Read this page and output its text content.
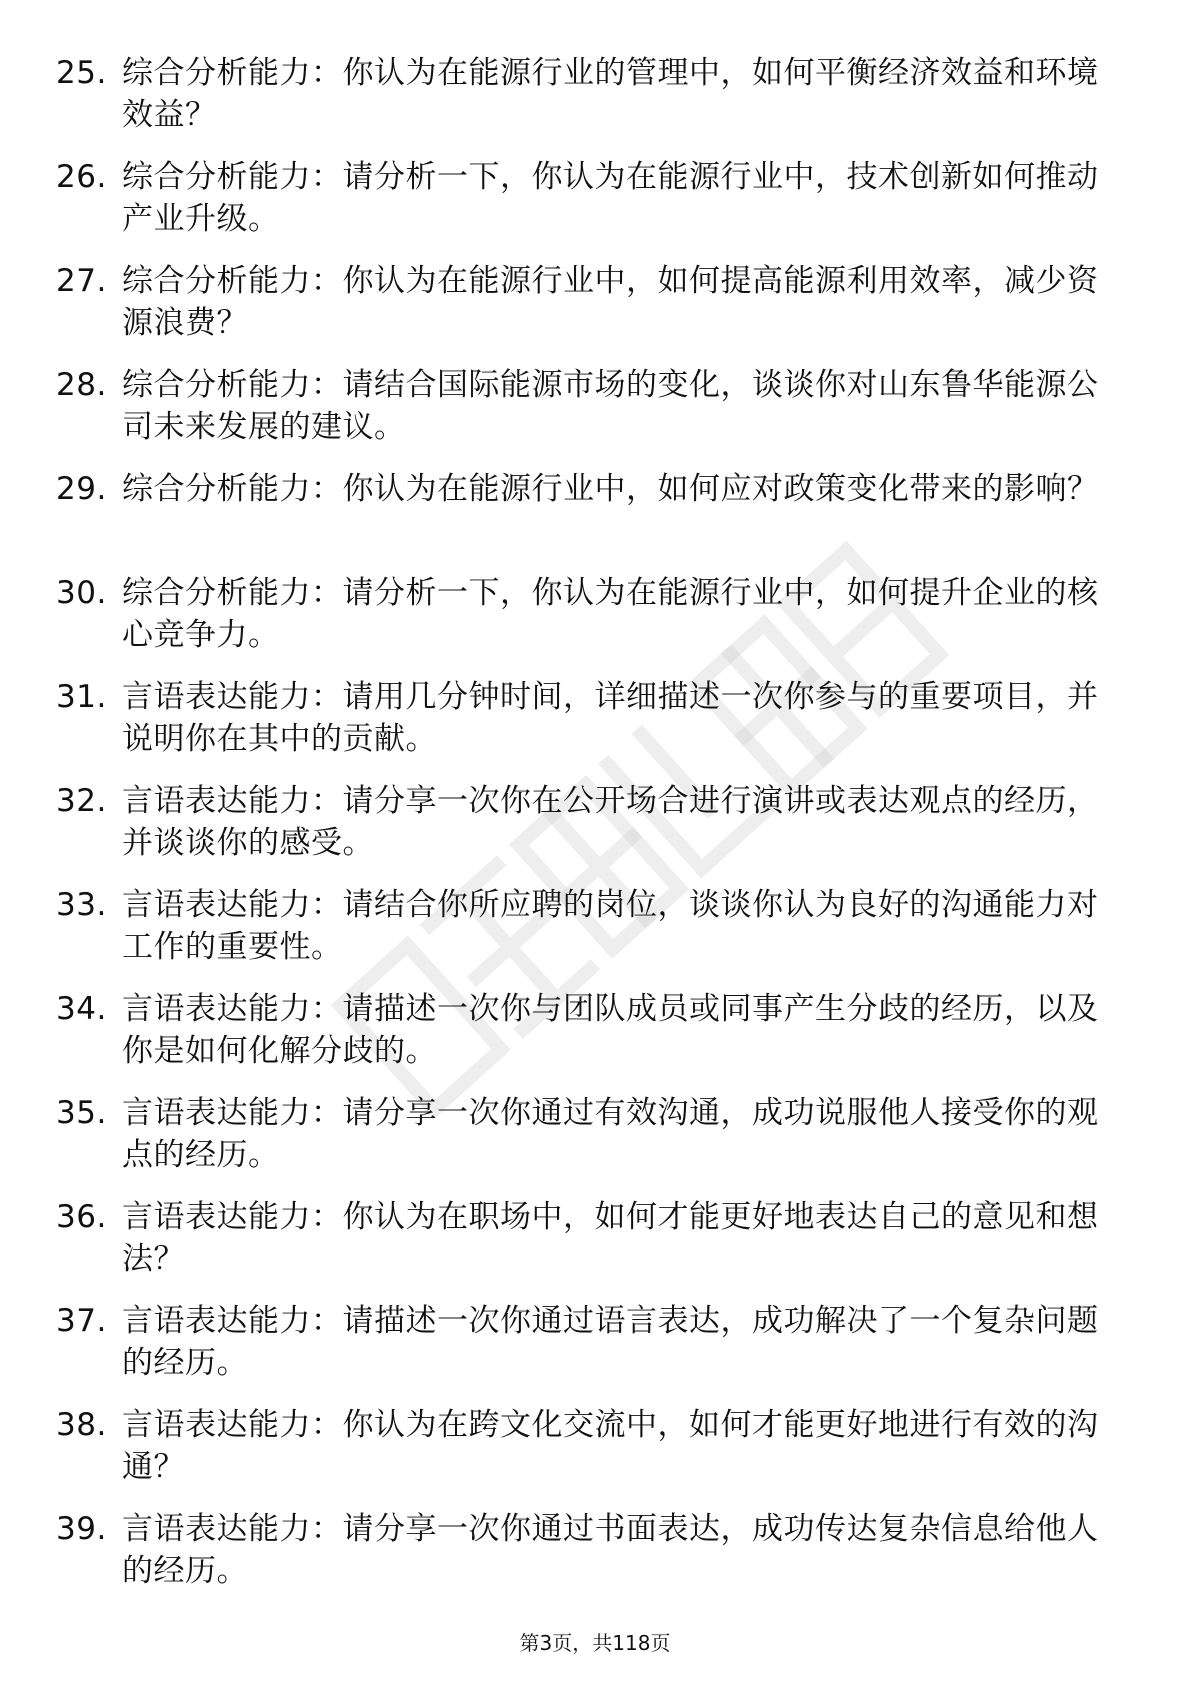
25. 综合分析能力：你认为在能源行业的管理中，如何平衡经济效益和环境效益？
26. 综合分析能力：请分析一下，你认为在能源行业中，技术创新如何推动产业升级。
27. 综合分析能力：你认为在能源行业中，如何提高能源利用效率，减少资源浪费？
28. 综合分析能力：请结合国际能源市场的变化，谈谈你对山东鲁华能源公司未来发展的建议。
29. 综合分析能力：你认为在能源行业中，如何应对政策变化带来的影响？
30. 综合分析能力：请分析一下，你认为在能源行业中，如何提升企业的核心竞争力。
31. 言语表达能力：请用几分钟时间，详细描述一次你参与的重要项目，并说明你在其中的贡献。
32. 言语表达能力：请分享一次你在公开场合进行演讲或表达观点的经历，并谈谈你的感受。
33. 言语表达能力：请结合你所应聘的岗位，谈谈你认为良好的沟通能力对工作的重要性。
34. 言语表达能力：请描述一次你与团队成员或同事产生分歧的经历，以及你是如何化解分歧的。
35. 言语表达能力：请分享一次你通过有效沟通，成功说服他人接受你的观点的经历。
36. 言语表达能力：你认为在职场中，如何才能更好地表达自己的意见和想法？
37. 言语表达能力：请描述一次你通过语言表达，成功解决了一个复杂问题的经历。
38. 言语表达能力：你认为在跨文化交流中，如何才能更好地进行有效的沟通？
39. 言语表达能力：请分享一次你通过书面表达，成功传达复杂信息给他人的经历。
第3页，共118页
